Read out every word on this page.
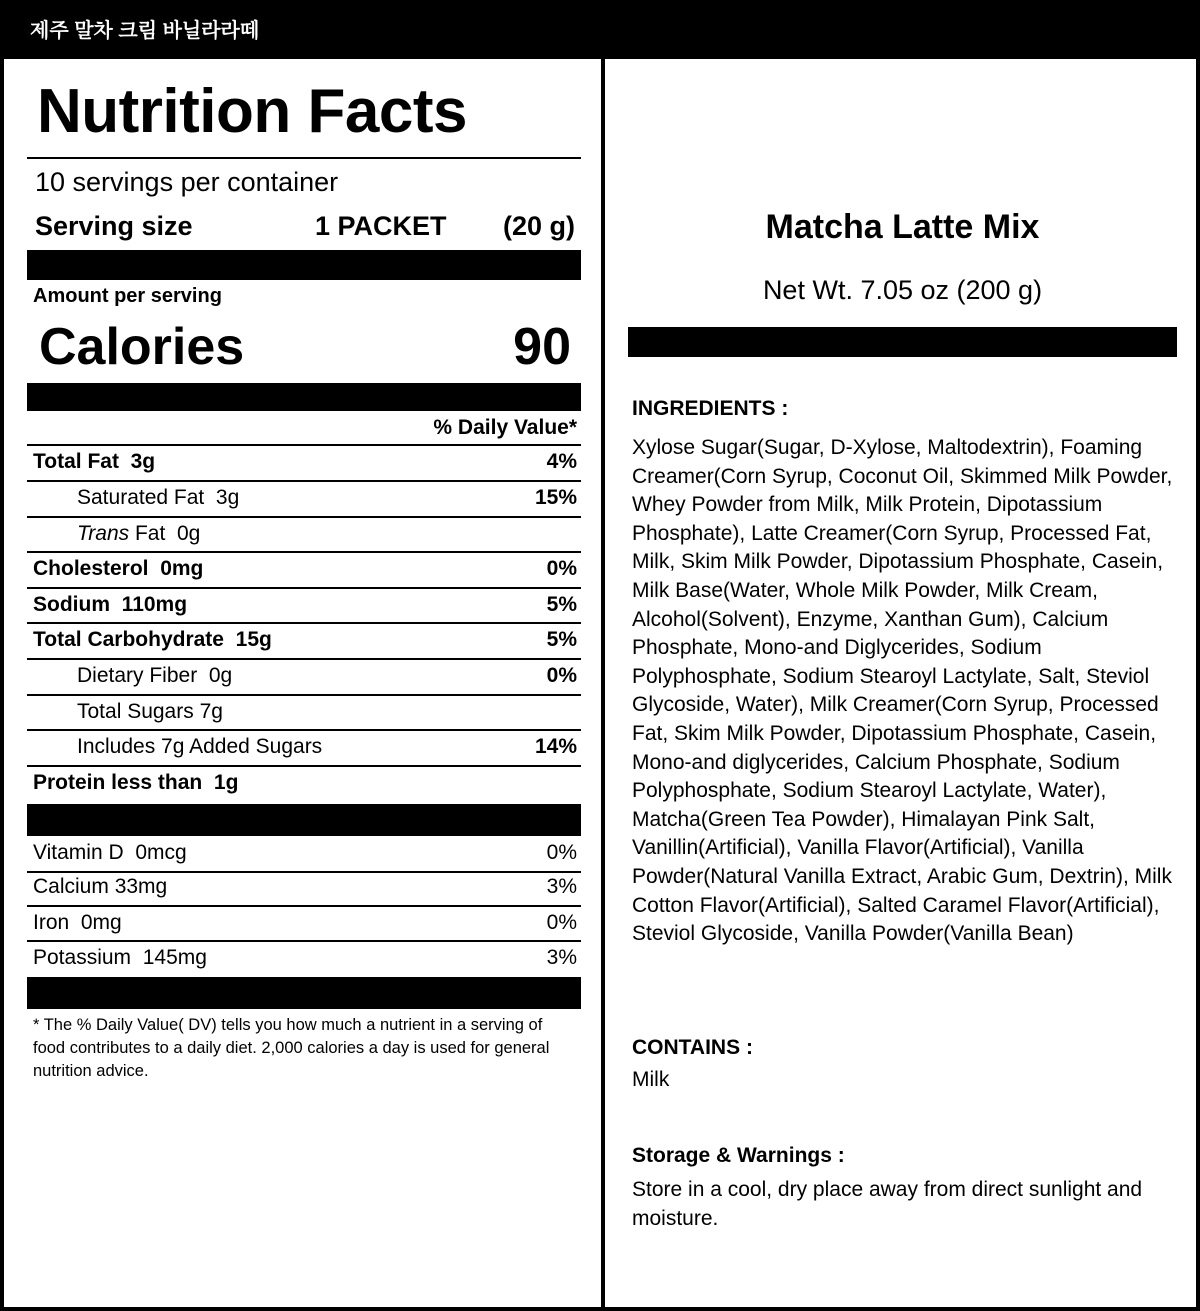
제주 말차 크림 바닐라라떼
Nutrition Facts
10 servings per container
Serving size	1 PACKET (20 g)
Amount per serving
Calories	90
% Daily Value*
Total Fat 3g	4%
Saturated Fat 3g	15%
Trans Fat 0g
Cholesterol 0mg	0%
Sodium 110mg	5%
Total Carbohydrate 15g	5%
Dietary Fiber 0g	0%
Total Sugars 7g
Includes 7g Added Sugars	14%
Protein less than 1g
Vitamin D 0mcg	0%
Calcium 33mg	3%
Iron 0mg	0%
Potassium 145mg	3%
* The % Daily Value( DV) tells you how much a nutrient in a serving of food contributes to a daily diet. 2,000 calories a day is used for general nutrition advice.
Matcha Latte Mix
Net Wt. 7.05 oz (200 g)
INGREDIENTS :
Xylose Sugar(Sugar, D-Xylose, Maltodextrin), Foaming Creamer(Corn Syrup, Coconut Oil, Skimmed Milk Powder, Whey Powder from Milk, Milk Protein, Dipotassium Phosphate), Latte Creamer(Corn Syrup, Processed Fat, Milk, Skim Milk Powder, Dipotassium Phosphate, Casein, Milk Base(Water, Whole Milk Powder, Milk Cream, Alcohol(Solvent), Enzyme, Xanthan Gum), Calcium Phosphate, Mono-and Diglycerides, Sodium Polyphosphate, Sodium Stearoyl Lactylate, Salt, Steviol Glycoside, Water), Milk Creamer(Corn Syrup, Processed Fat, Skim Milk Powder, Dipotassium Phosphate, Casein, Mono-and diglycerides, Calcium Phosphate, Sodium Polyphosphate, Sodium Stearoyl Lactylate, Water), Matcha(Green Tea Powder), Himalayan Pink Salt, Vanillin(Artificial), Vanilla Flavor(Artificial), Vanilla Powder(Natural Vanilla Extract, Arabic Gum, Dextrin), Milk Cotton Flavor(Artificial), Salted Caramel Flavor(Artificial), Steviol Glycoside, Vanilla Powder(Vanilla Bean)
CONTAINS :
Milk
Storage & Warnings :
Store in a cool, dry place away from direct sunlight and moisture.
